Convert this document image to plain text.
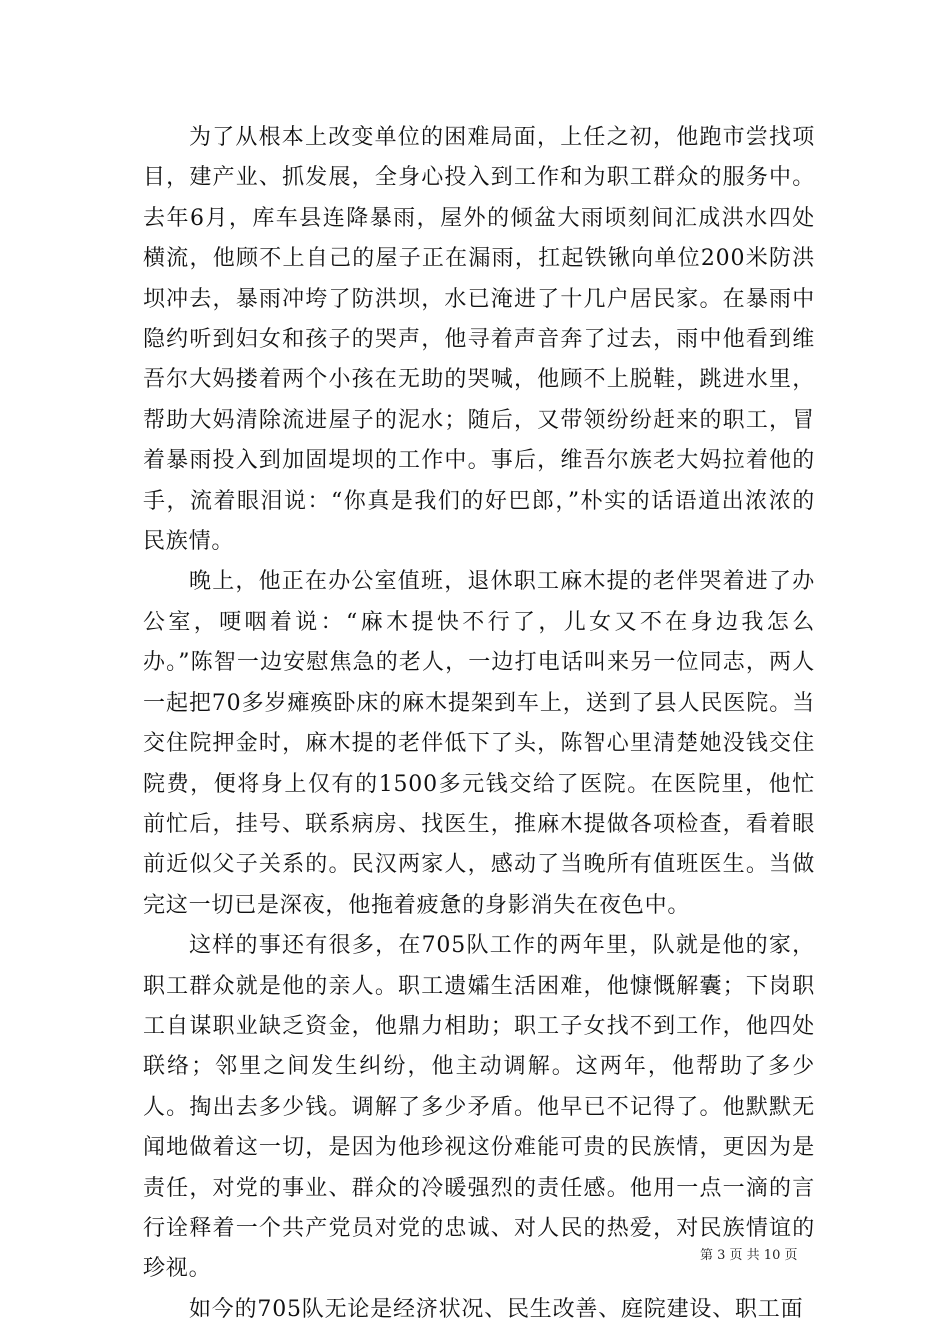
为了从根本上改变单位的困难局面，上任之初，他跑市尝找项目，建产业、抓发展，全身心投入到工作和为职工群众的服务中。去年6月，库车县连降暴雨，屋外的倾盆大雨顷刻间汇成洪水四处横流，他顾不上自己的屋子正在漏雨，扛起铁锹向单位200米防洪坝冲去，暴雨冲垮了防洪坝，水已淹进了十几户居民家。在暴雨中隐约听到妇女和孩子的哭声，他寻着声音奔了过去，雨中他看到维吾尔大妈搂着两个小孩在无助的哭喊，他顾不上脱鞋，跳进水里，帮助大妈清除流进屋子的泥水；随后，又带领纷纷赶来的职工，冒着暴雨投入到加固堤坝的工作中。事后，维吾尔族老大妈拉着他的手，流着眼泪说：“你真是我们的好巴郎，”朴实的话语道出浓浓的民族情。

晚上，他正在办公室值班，退休职工麻木提的老伴哭着进了办公室，哽咽着说：“麻木提快不行了，儿女又不在身边我怎么办。”陈智一边安慰焦急的老人，一边打电话叫来另一位同志，两人一起把70多岁瘫痪卧床的麻木提架到车上，送到了县人民医院。当交住院押金时，麻木提的老伴低下了头，陈智心里清楚她没钱交住院费，便将身上仅有的1500多元钱交给了医院。在医院里，他忙前忙后，挂号、联系病房、找医生，推麻木提做各项检查，看着眼前近似父子关系的。民汉两家人，感动了当晚所有值班医生。当做完这一切已是深夜，他拖着疲惫的身影消失在夜色中。

这样的事还有很多，在705队工作的两年里，队就是他的家，职工群众就是他的亲人。职工遗孀生活困难，他慷慨解囊；下岗职工自谋职业缺乏资金，他鼎力相助；职工子女找不到工作，他四处联络；邻里之间发生纠纷，他主动调解。这两年，他帮助了多少人。掏出去多少钱。调解了多少矛盾。他早已不记得了。他默默无闻地做着这一切，是因为他珍视这份难能可贵的民族情，更因为是责任，对党的事业、群众的冷暖强烈的责任感。他用一点一滴的言行诠释着一个共产党员对党的忠诚、对人民的热爱，对民族情谊的珍视。

如今的705队无论是经济状况、民生改善、庭院建设、职工面

第 3 页 共 10 页
